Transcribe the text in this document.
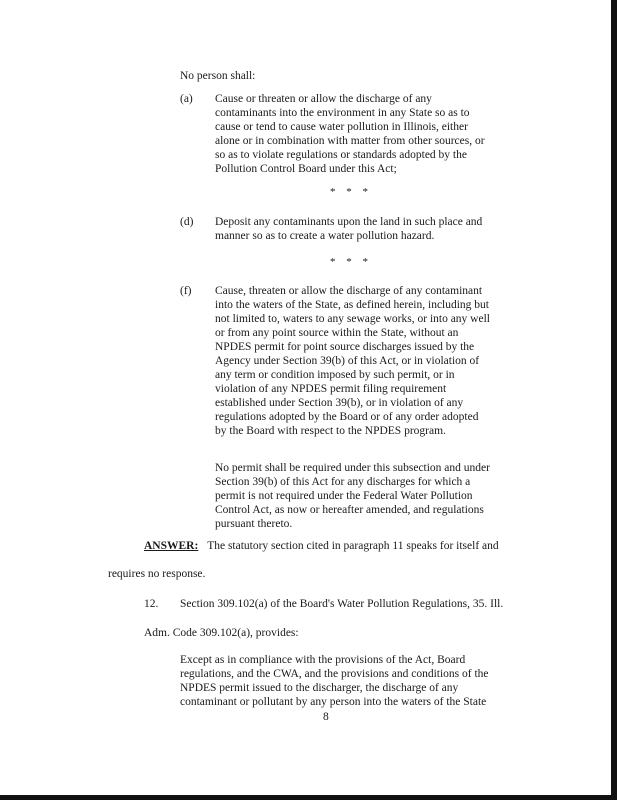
No person shall:
(a) Cause or threaten or allow the discharge of any
contaminants into the environment in any State so as to
cause or tend to cause water pollution in Illinois, either
alone or in combination with matter from other sources, or
so as to violate regulations or standards adopted by the
Pollution Control Board under this Act;
* * *
(d) Deposit any contaminants upon the land in such place and
manner so as to create a water pollution hazard.
* * *
(f) Cause, threaten or allow the discharge of any contaminant
into the waters of the State, as defined herein, including but
not limited to, waters to any sewage works, or into any well
or from any point source within the State, without an
NPDES permit for point source discharges issued by the
Agency under Section 39(b) of this Act, or in violation of
any term or condition imposed by such permit, or in
violation of any NPDES permit filing requirement
established under Section 39(b), or in violation of any
regulations adopted by the Board or of any order adopted
by the Board with respect to the NPDES program.
No permit shall be required under this subsection and under
Section 39(b) of this Act for any discharges for which a
permit is not required under the Federal Water Pollution
Control Act, as now or hereafter amended, and regulations
pursuant thereto.
ANSWER: The statutory section cited in paragraph 11 speaks for itself and
requires no response.
12. Section 309.102(a) of the Board's Water Pollution Regulations, 35. Ill.
Adm. Code 309.102(a), provides:
Except as in compliance with the provisions of the Act, Board
regulations, and the CWA, and the provisions and conditions of the
NPDES permit issued to the discharger, the discharge of any
contaminant or pollutant by any person into the waters of the State
8
